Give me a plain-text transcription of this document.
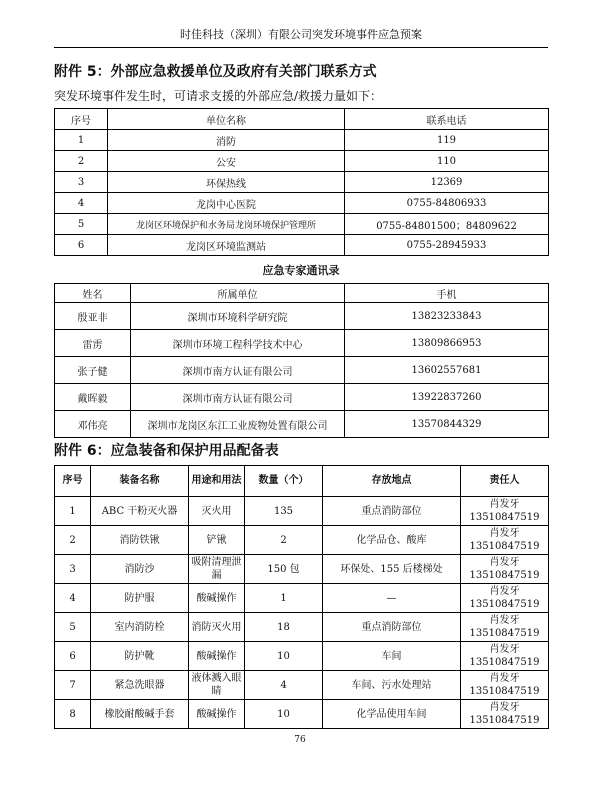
时佳科技（深圳）有限公司突发环境事件应急预案
附件 5：外部应急救援单位及政府有关部门联系方式
突发环境事件发生时，可请求支援的外部应急/救援力量如下：
序号	单位名称	联系电话
1	消防	119
2	公安	110
3	环保热线	12369
4	龙岗中心医院	0755-84806933
5	龙岗区环境保护和水务局龙岗环境保护管理所	0755-84801500；84809622
6	龙岗区环境监测站	0755-28945933
应急专家通讯录
姓名	所属单位	手机
殷亚非	深圳市环境科学研究院	13823233843
雷雳	深圳市环境工程科学技术中心	13809866953
张子健	深圳市南方认证有限公司	13602557681
戴晖毅	深圳市南方认证有限公司	13922837260
邓伟亮	深圳市龙岗区东江工业废物处置有限公司	13570844329
附件 6：应急装备和保护用品配备表
序号	装备名称	用途和用法	数量（个）	存放地点	责任人
1	ABC 干粉灭火器	灭火用	135	重点消防部位	肖发牙
13510847519

2	消防铁锹	铲锹	2	化学品仓、酸库	肖发牙
13510847519

3	消防沙	吸附清理泄漏	150 包	环保处、155 后楼梯处	肖发牙
13510847519

4	防护服	酸碱操作	1	—	肖发牙
13510847519

5	室内消防栓	消防灭火用	18	重点消防部位	肖发牙
13510847519

6	防护靴	酸碱操作	10	车间	肖发牙
13510847519

7	紧急洗眼器	液体溅入眼睛	4	车间、污水处理站	肖发牙
13510847519

8	橡胶耐酸碱手套	酸碱操作	10	化学品使用车间	肖发牙
13510847519
76
